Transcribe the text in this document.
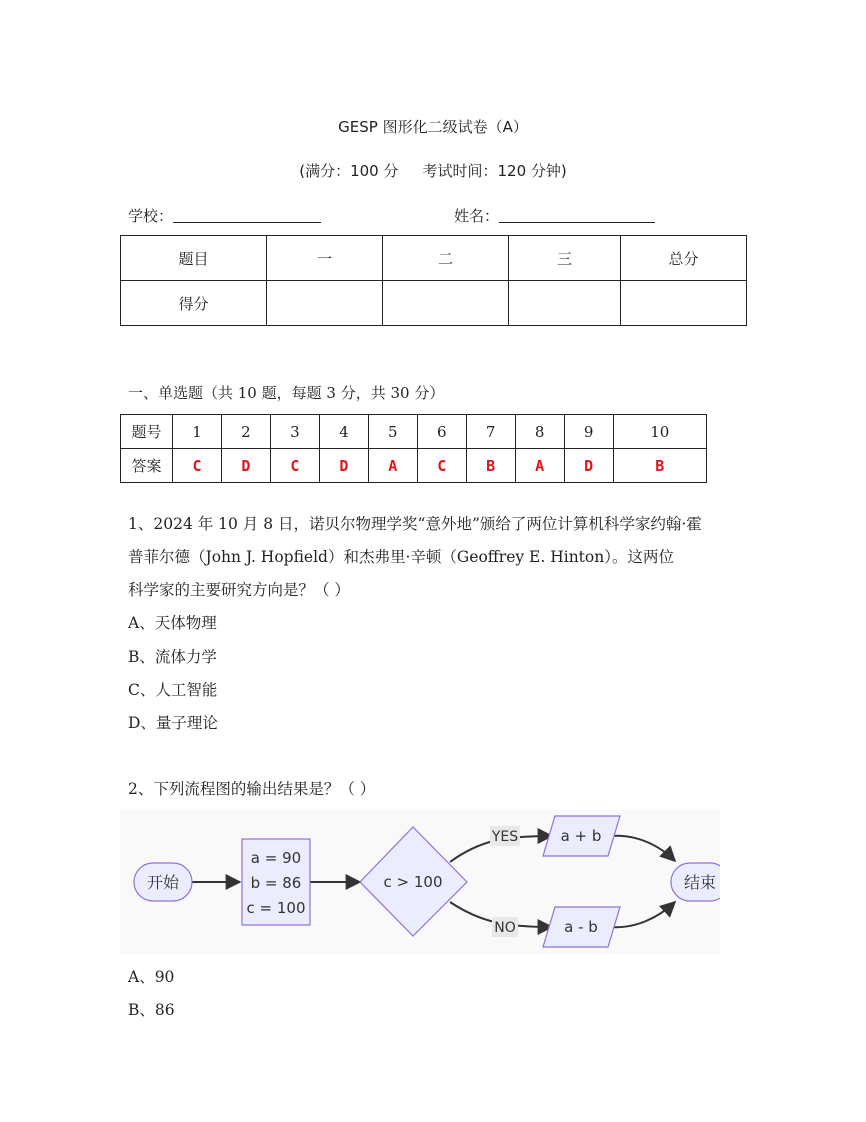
GESP 图形化二级试卷（A）
(满分：100 分 考试时间：120 分钟)
学校：	姓名：
题目	一	二	三	总分
得分				
一、单选题（共 10 题，每题 3 分，共 30 分）
题号	1	2	3	4	5	6	7	8	9	10
答案	C	D	C	D	A	C	B	A	D	B
1、2024 年 10 月 8 日，诺贝尔物理学奖“意外地”颁给了两位计算机科学家约翰·霍
普菲尔德（John J. Hopfield）和杰弗里·辛顿（Geoffrey E. Hinton）。这两位
科学家的主要研究方向是？（ ）
A、天体物理
B、流体力学
C、人工智能
D、量子理论
2、下列流程图的输出结果是？（ ）
YES
NO
开始
a = 90
b = 86
c = 100
c > 100
a + b
a - b
结束
A、90
B、86
